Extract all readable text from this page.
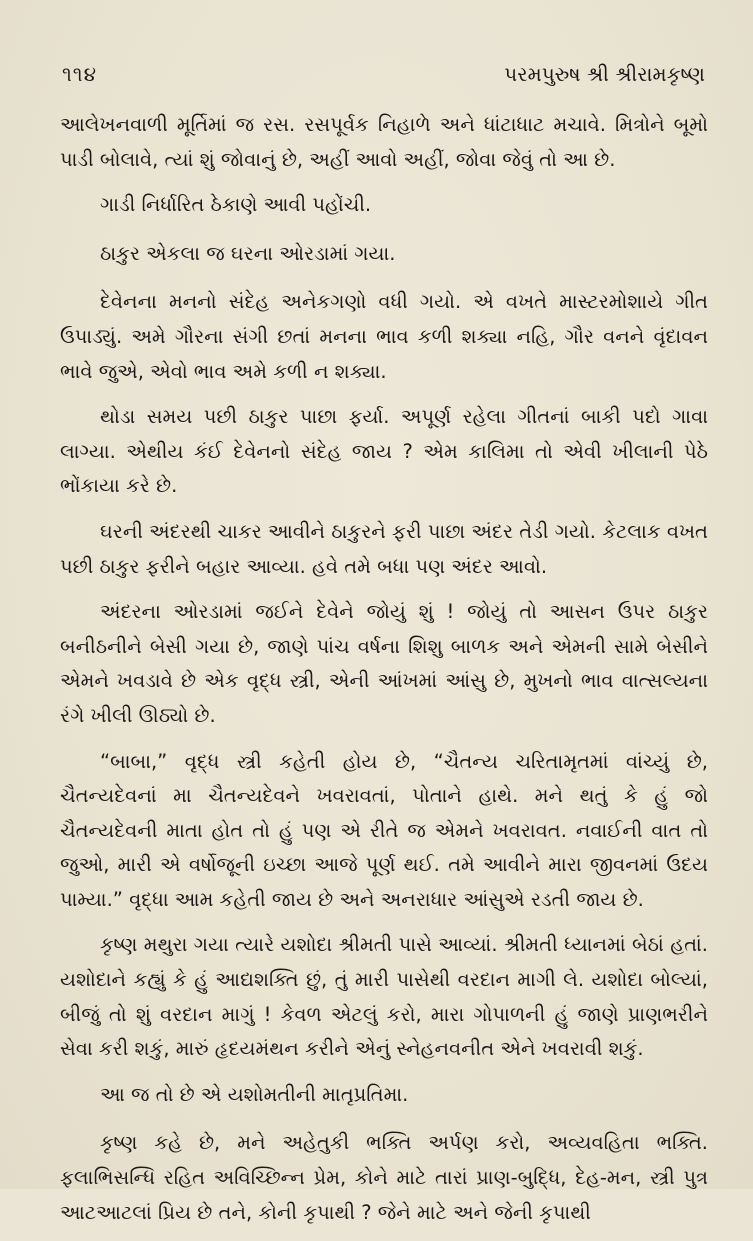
૧૧૪	પરમપુરુષ શ્રી શ્રીરામકૃષ્ણ

આલેખનવાળી મૂર્તિમાં જ રસ. રસપૂર્વક નિહાળે અને ધાંટાધાટ મચાવે. મિત્રોને બૂમો પાડી બોલાવે, ત્યાં શું જોવાનું છે, અહીં આવો અહીં, જોવા જેવું તો આ છે.

ગાડી નિર્ધારિત ઠેકાણે આવી પહોંચી.

ઠાકુર એકલા જ ઘરના ઓરડામાં ગયા.

દેવેનના મનનો સંદેહ અનેકગણો વધી ગયો. એ વખતે માસ્ટરમોશાયે ગીત ઉપાડ્યું. અમે ગૌરના સંગી છતાં મનના ભાવ કળી શક્યા નહિ, ગૌર વનને વૃંદાવન ભાવે જુએ, એવો ભાવ અમે કળી ન શક્યા.

થોડા સમય પછી ઠાકુર પાછા ફર્યા. અપૂર્ણ રહેલા ગીતનાં બાકી પદો ગાવા લાગ્યા. એથીય કંઈ દેવેનનો સંદેહ જાય ? એમ કાલિમા તો એવી ખીલાની પેઠે ભોંકાયા કરે છે.

ઘરની અંદરથી ચાકર આવીને ઠાકુરને ફરી પાછા અંદર તેડી ગયો. કેટલાક વખત પછી ઠાકુર ફરીને બહાર આવ્યા. હવે તમે બધા પણ અંદર આવો.

અંદરના ઓરડામાં જઈને દેવેને જોયું શું ! જોયું તો આસન ઉપર ઠાકુર બનીઠનીને બેસી ગયા છે, જાણે પાંચ વર્ષના શિશુ બાળક અને એમની સામે બેસીને એમને ખવડાવે છે એક વૃદ્ધ સ્ત્રી, એની આંખમાં આંસુ છે, મુખનો ભાવ વાત્સલ્યના રંગે ખીલી ઊઠ્યો છે.

“બાબા,” વૃદ્ધ સ્ત્રી કહેતી હોય છે, “ચૈતન્ય ચરિતામૃતમાં વાંચ્યું છે, ચૈતન્યદેવનાં મા ચૈતન્યદેવને ખવરાવતાં, પોતાને હાથે. મને થતું કે હું જો ચૈતન્યદેવની માતા હોત તો હું પણ એ રીતે જ એમને ખવરાવત. નવાઈની વાત તો જુઓ, મારી એ વર્ષોજૂની ઇચ્છા આજે પૂર્ણ થઈ. તમે આવીને મારા જીવનમાં ઉદય પામ્યા.” વૃદ્ધા આમ કહેતી જાય છે અને અનરાધાર આંસુએ રડતી જાય છે.

કૃષ્ણ મથુરા ગયા ત્યારે યશોદા શ્રીમતી પાસે આવ્યાં. શ્રીમતી ધ્યાનમાં બેઠાં હતાં. યશોદાને કહ્યું કે હું આદ્યશક્તિ છું, તું મારી પાસેથી વરદાન માગી લે. યશોદા બોલ્યાં, બીજું તો શું વરદાન માગું ! કેવળ એટલું કરો, મારા ગોપાળની હું જાણે પ્રાણભરીને સેવા કરી શકું, મારું હૃદયમંથન કરીને એનું સ્નેહનવનીત એને ખવરાવી શકું.

આ જ તો છે એ યશોમતીની માતૃપ્રતિમા.

કૃષ્ણ કહે છે, મને અહેતુકી ભક્તિ અર્પણ કરો, અવ્યવહિતા ભક્તિ. ફલાભિસન્ધિ રહિત અવિચ્છિન્ન પ્રેમ, કોને માટે તારાં પ્રાણ-બુદ્ધિ, દેહ-મન, સ્ત્રી પુત્ર આટઆટલાં પ્રિય છે તને, કોની કૃપાથી ? જેને માટે અને જેની કૃપાથી
